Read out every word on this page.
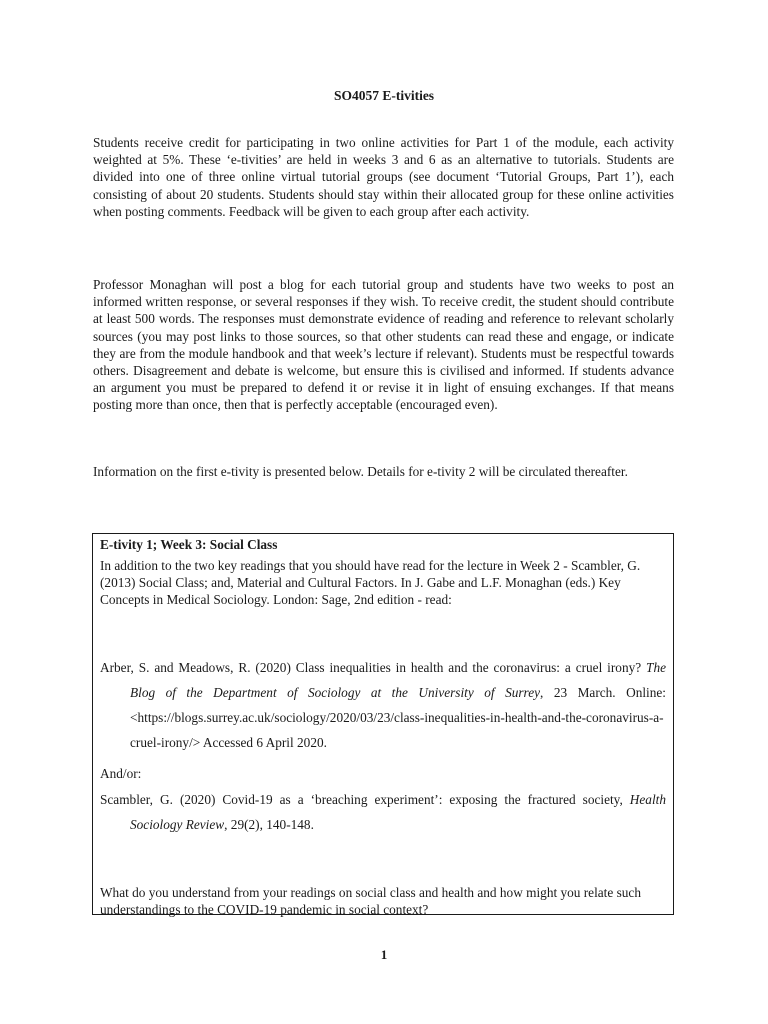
SO4057 E-tivities

Students receive credit for participating in two online activities for Part 1 of the module, each activity weighted at 5%. These ‘e-tivities’ are held in weeks 3 and 6 as an alternative to tutorials. Students are divided into one of three online virtual tutorial groups (see document ‘Tutorial Groups, Part 1’), each consisting of about 20 students. Students should stay within their allocated group for these online activities when posting comments. Feedback will be given to each group after each activity.

Professor Monaghan will post a blog for each tutorial group and students have two weeks to post an informed written response, or several responses if they wish. To receive credit, the student should contribute at least 500 words. The responses must demonstrate evidence of reading and reference to relevant scholarly sources (you may post links to those sources, so that other students can read these and engage, or indicate they are from the module handbook and that week’s lecture if relevant). Students must be respectful towards others. Disagreement and debate is welcome, but ensure this is civilised and informed. If students advance an argument you must be prepared to defend it or revise it in light of ensuing exchanges. If that means posting more than once, then that is perfectly acceptable (encouraged even).

Information on the first e-tivity is presented below. Details for e-tivity 2 will be circulated thereafter.

E-tivity 1; Week 3: Social Class
In addition to the two key readings that you should have read for the lecture in Week 2 - Scambler, G. (2013) Social Class; and, Material and Cultural Factors. In J. Gabe and L.F. Monaghan (eds.) Key Concepts in Medical Sociology. London: Sage, 2nd edition - read:
Arber, S. and Meadows, R. (2020) Class inequalities in health and the coronavirus: a cruel irony? The Blog of the Department of Sociology at the University of Surrey, 23 March. Online: <https://blogs.surrey.ac.uk/sociology/2020/03/23/class-inequalities-in-health-and-the-coronavirus-a-cruel-irony/> Accessed 6 April 2020.
And/or:
Scambler, G. (2020) Covid-19 as a ‘breaching experiment’: exposing the fractured society, Health Sociology Review, 29(2), 140-148.
What do you understand from your readings on social class and health and how might you relate such understandings to the COVID-19 pandemic in social context?
1
